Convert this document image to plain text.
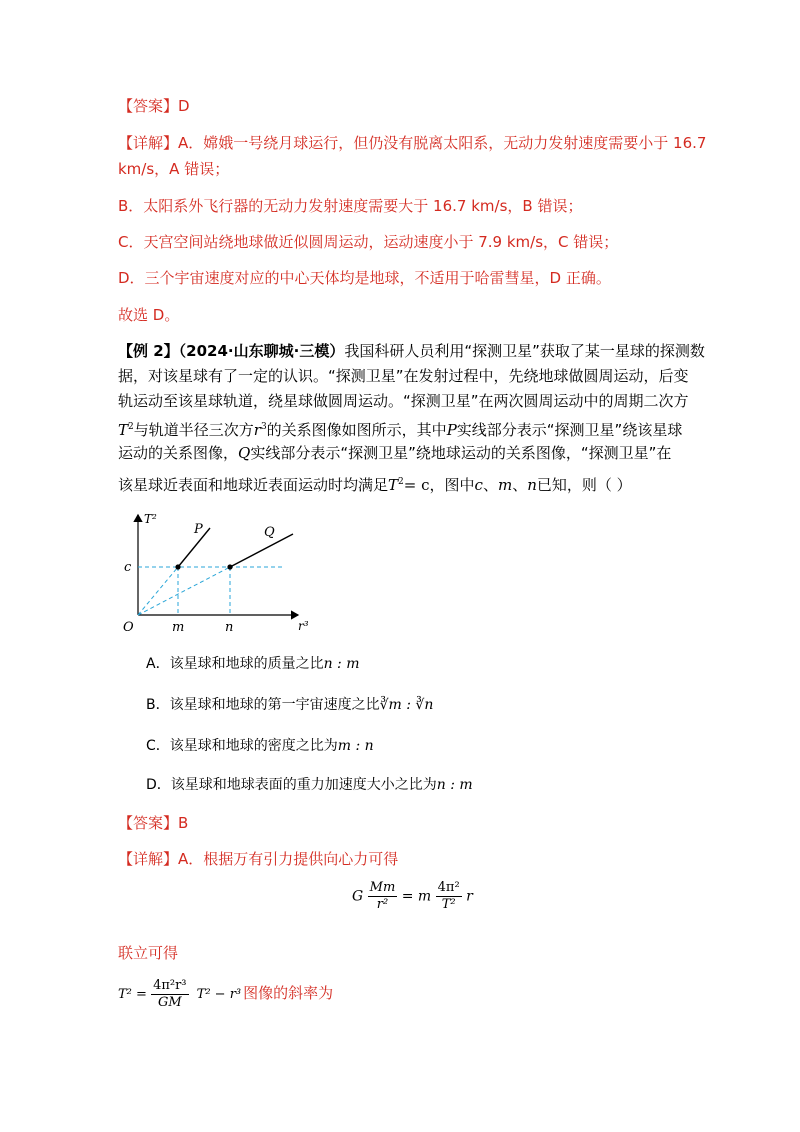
【答案】D
【详解】A．嫦娥一号绕月球运行，但仍没有脱离太阳系，无动力发射速度需要小于 16.7
km/s，A 错误；
B．太阳系外飞行器的无动力发射速度需要大于 16.7 km/s，B 错误；
C．天宫空间站绕地球做近似圆周运动，运动速度小于 7.9 km/s，C 错误；
D．三个宇宙速度对应的中心天体均是地球，不适用于哈雷彗星，D 正确。
故选 D。
【例 2】（2024·山东聊城·三模）我国科研人员利用“探测卫星”获取了某一星球的探测数
据，对该星球有了一定的认识。“探测卫星”在发射过程中，先绕地球做圆周运动，后变
轨运动至该星球轨道，绕星球做圆周运动。“探测卫星”在两次圆周运动中的周期二次方
$T^2$与轨道半径三次方$r^3$的关系图像如图所示，其中P实线部分表示“探测卫星”绕该星球
运动的关系图像，Q实线部分表示“探测卫星”绕地球运动的关系图像，“探测卫星”在
该星球近表面和地球近表面运动时均满足$T^2= c$，图中c、m、n已知，则（ ）
T²
r³
O
c
m	n
P	Q
A．该星球和地球的质量之比n : m
B．该星球和地球的第一宇宙速度之比∛m : ∛n
C．该星球和地球的密度之比为m : n
D．该星球和地球表面的重力加速度大小之比为n : m
【答案】B
【详解】A．根据万有引力提供向心力可得
G $\frac{Mm}{\text{r²}} = m \frac{\text{4π²}}{\text{T²}}$ r
联立可得
$T^2 = \frac{\text{4π²r³}}{GM} T^2 - r^3$ 图像的斜率为
